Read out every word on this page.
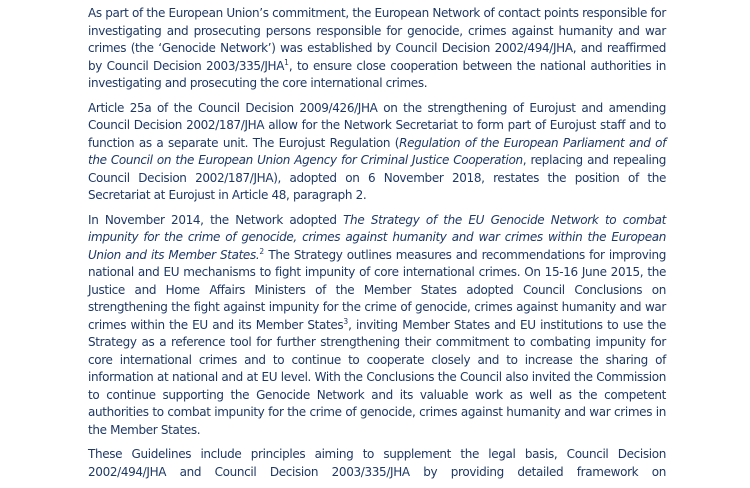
As part of the European Union’s commitment, the European Network of contact points responsible for investigating and prosecuting persons responsible for genocide, crimes against humanity and war crimes (the ‘Genocide Network’) was established by Council Decision 2002/494/JHA, and reaffirmed by Council Decision 2003/335/JHA$^1$, to ensure close cooperation between the national authorities in investigating and prosecuting the core international crimes.

Article 25a of the Council Decision 2009/426/JHA on the strengthening of Eurojust and amending Council Decision 2002/187/JHA allow for the Network Secretariat to form part of Eurojust staff and to function as a separate unit. The Eurojust Regulation (Regulation of the European Parliament and of the Council on the European Union Agency for Criminal Justice Cooperation, replacing and repealing Council Decision 2002/187/JHA), adopted on 6 November 2018, restates the position of the Secretariat at Eurojust in Article 48, paragraph 2.

In November 2014, the Network adopted The Strategy of the EU Genocide Network to combat impunity for the crime of genocide, crimes against humanity and war crimes within the European Union and its Member States.$^2$ The Strategy outlines measures and recommendations for improving national and EU mechanisms to fight impunity of core international crimes. On 15-16 June 2015, the Justice and Home Affairs Ministers of the Member States adopted Council Conclusions on strengthening the fight against impunity for the crime of genocide, crimes against humanity and war crimes within the EU and its Member States$^3$, inviting Member States and EU institutions to use the Strategy as a reference tool for further strengthening their commitment to combating impunity for core international crimes and to continue to cooperate closely and to increase the sharing of information at national and at EU level. With the Conclusions the Council also invited the Commission to continue supporting the Genocide Network and its valuable work as well as the competent authorities to combat impunity for the crime of genocide, crimes against humanity and war crimes in the Member States.

These Guidelines include principles aiming to supplement the legal basis, Council Decision 2002/494/JHA and Council Decision 2003/335/JHA by providing detailed framework on
